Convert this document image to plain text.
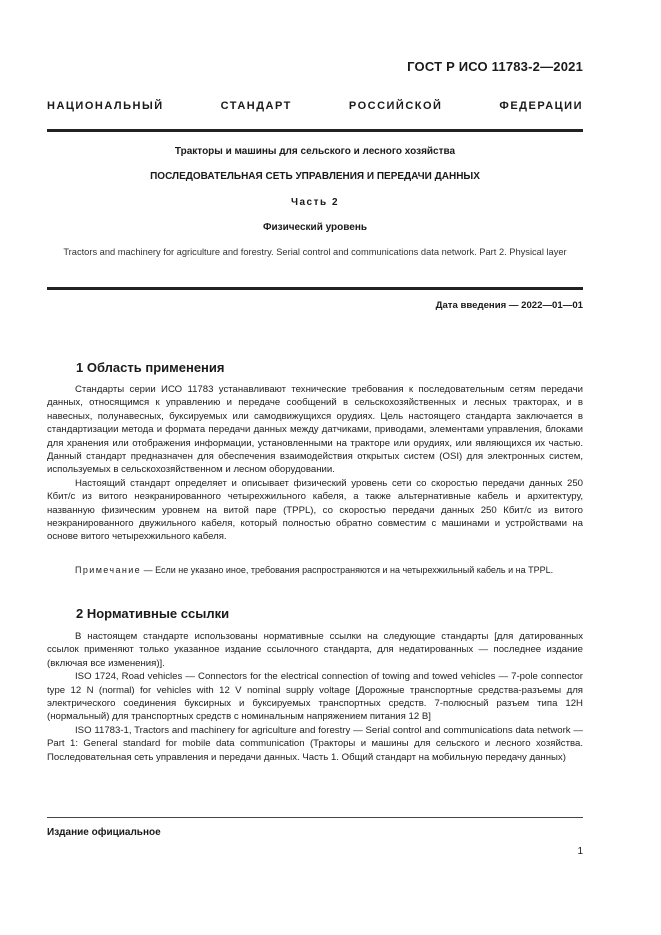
ГОСТ Р ИСО 11783-2—2021
НАЦИОНАЛЬНЫЙ СТАНДАРТ РОССИЙСКОЙ ФЕДЕРАЦИИ
Тракторы и машины для сельского и лесного хозяйства
ПОСЛЕДОВАТЕЛЬНАЯ СЕТЬ УПРАВЛЕНИЯ И ПЕРЕДАЧИ ДАННЫХ
Часть 2
Физический уровень
Tractors and machinery for agriculture and forestry. Serial control and communications data network. Part 2. Physical layer
Дата введения — 2022—01—01
1 Область применения

Стандарты серии ИСО 11783 устанавливают технические требования к последовательным сетям передачи данных, относящимся к управлению и передаче сообщений в сельскохозяйственных и лесных тракторах, и в навесных, полунавесных, буксируемых или самодвижущихся орудиях. Цель настоящего стандарта заключается в стандартизации метода и формата передачи данных между датчиками, приводами, элементами управления, блоками для хранения или отображения информации, установленными на тракторе или орудиях, или являющихся их частью. Данный стандарт предназначен для обеспечения взаимодействия открытых систем (OSI) для электронных систем, используемых в сельскохозяйственном и лесном оборудовании.

Настоящий стандарт определяет и описывает физический уровень сети со скоростью передачи данных 250 Кбит/с из витого неэкранированного четырехжильного кабеля, а также альтернативные кабель и архитектуру, названную физическим уровнем на витой паре (TPPL), со скоростью передачи данных 250 Кбит/с из витого неэкранированного двужильного кабеля, который полностью обратно совместим с машинами и устройствами на основе витого четырехжильного кабеля.

Примечание — Если не указано иное, требования распространяются и на четырехжильный кабель и на TPPL.

2 Нормативные ссылки

В настоящем стандарте использованы нормативные ссылки на следующие стандарты [для датированных ссылок применяют только указанное издание ссылочного стандарта, для недатированных — последнее издание (включая все изменения)].

ISO 1724, Road vehicles — Connectors for the electrical connection of towing and towed vehicles — 7-pole connector type 12 N (normal) for vehicles with 12 V nominal supply voltage [Дорожные транспортные средства-разъемы для электрического соединения буксирных и буксируемых транспортных средств. 7-полюсный разъем типа 12Н (нормальный) для транспортных средств с номинальным напряжением питания 12 В]

ISO 11783-1, Tractors and machinery for agriculture and forestry — Serial control and communications data network — Part 1: General standard for mobile data communication (Тракторы и машины для сельского и лесного хозяйства. Последовательная сеть управления и передачи данных. Часть 1. Общий стандарт на мобильную передачу данных)

Издание официальное
1
